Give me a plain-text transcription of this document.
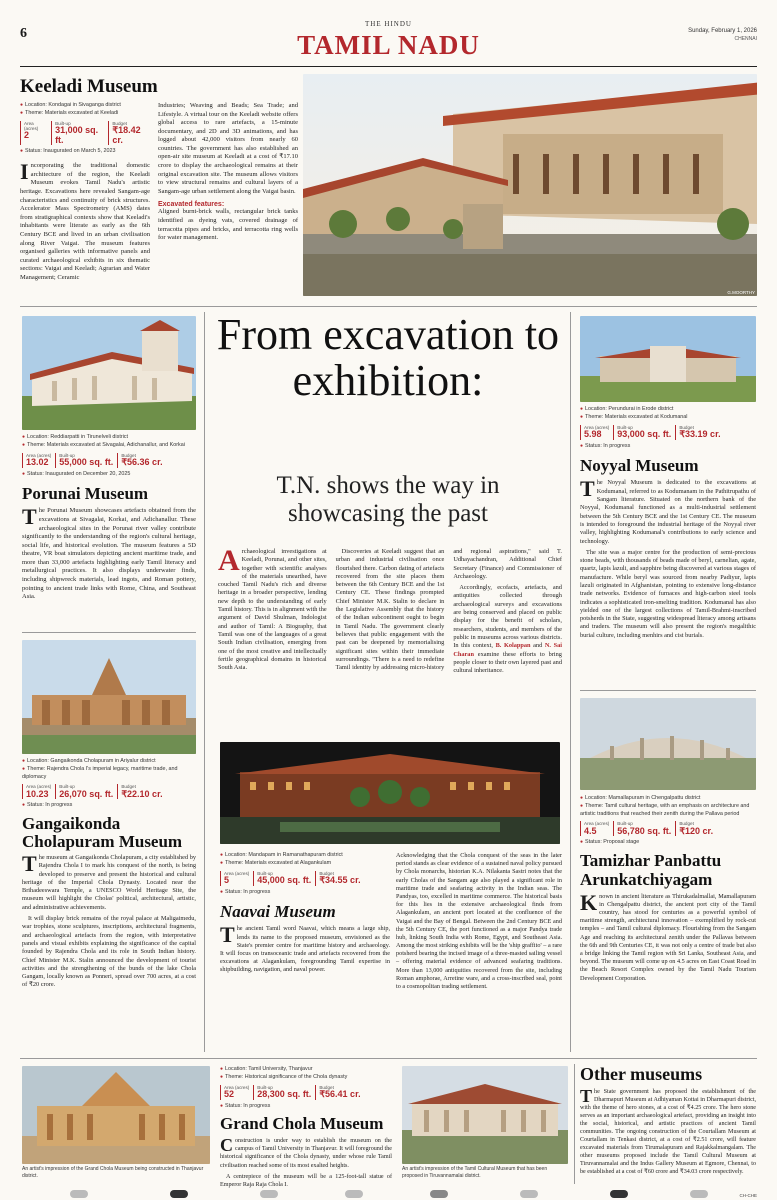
6
THE HINDU
TAMIL NADU	Sunday, February 1, 2026
CHENNAI
Keeladi Museum
● Location: Kondagai in Sivaganga district
● Theme: Materials excavated at Keeladi
Area (acres)
2
Built-up
31,000 sq. ft.
Budget
₹18.42 cr.
● Status: Inaugurated on March 5, 2023
Incorporating the traditional domestic architecture of the region, the Keeladi Museum evokes Tamil Nadu's artistic heritage. Excavations here revealed Sangam-age characteristics and continuity of brick structures. Accelerator Mass Spectrometry (AMS) dates from stratigraphical contexts show that Keeladi's inhabitants were literate as early as the 6th Century BCE and lived in an urban civilisation along River Vaigai. The museum features organised galleries with informative panels and curated archaeological exhibits in six thematic sections: Vaigai and Keeladi; Agrarian and Water Management; Ceramic
Industries; Weaving and Beads; Sea Trade; and Lifestyle. A virtual tour on the Keeladi website offers global access to rare artefacts, a 15-minute documentary, and 2D and 3D animations, and has logged about 42,000 visitors from nearly 60 countries. The government has also established an open-air site museum at Keeladi at a cost of ₹17.10 crore to display the archaeological remains at their original excavation site. The museum allows visitors to view structural remains and cultural layers of a Sangam-age urban settlement along the Vaigai basin.
Excavated features:
Aligned burnt-brick walls, rectangular brick tanks identified as dyeing vats, covered drainage of terracotta pipes and bricks, and terracotta ring wells for water management.
G.MOORTHY
● Location: Reddiarpatti in Tirunelveli district
● Theme: Materials excavated at Sivagalai, Adichanallur, and Korkai
Area (acres)
13.02
Built-up
55,000 sq. ft.
Budget
₹56.36 cr.
● Status: Inaugurated on December 20, 2025
Porunai Museum
The Porunai Museum showcases artefacts obtained from the excavations at Sivagalai, Korkai, and Adichanallur. These archaeological sites in the Porunai river valley contribute significantly to the understanding of the region's cultural heritage, social life, and historical evolution. The museum features a 5D theatre, VR boat simulators depicting ancient maritime trade, and more than 33,000 artefacts highlighting early Tamil literacy and metallurgical practices. It also displays underwater finds, including shipwreck materials, lead ingots, and Roman pottery, pointing to ancient trade links with Rome, China, and Southeast Asia.
● Location: Gangaikonda Cholapuram in Ariyalur district
● Theme: Rajendra Chola I's imperial legacy, maritime trade, and diplomacy
Area (acres)
10.23
Built-up
26,070 sq. ft.
Budget
₹22.10 cr.
● Status: In progress
Gangaikonda Cholapuram Museum

The museum at Gangaikonda Cholapuram, a city established by Rajendra Chola I to mark his conquest of the north, is being developed to preserve and present the historical and cultural heritage of the Imperial Chola Dynasty. Located near the Brihadeeswara Temple, a UNESCO World Heritage Site, the museum will highlight the Cholas' political, architectural, artistic, and administrative achievements.

It will display brick remains of the royal palace at Maligaimedu, war trophies, stone sculptures, inscriptions, architectural fragments, and archaeological artefacts from the region, with interpretative panels and visual exhibits explaining the significance of the capital founded by Rajendra Chola and its role in South Indian history. Chief Minister M.K. Stalin announced the development of tourist activities and the strengthening of the bunds of the lake Chola Gangam, locally known as Ponneri, spread over 700 acres, at a cost of ₹20 crore.

From excavation to exhibition:
T.N. shows the way in showcasing the past

Archaeological investigations at Keeladi, Porunai, and other sites, together with scientific analyses of the materials unearthed, have couched Tamil Nadu's rich and diverse heritage in a broader perspective, lending new depth to the understanding of early Tamil history. This is in alignment with the argument of David Shulman, Indologist and author of Tamil: A Biography, that Tamil was one of the languages of a great South Indian civilisation, emerging from one of the most creative and intellectually fertile geographical domains in historical South Asia.

Discoveries at Keeladi suggest that an urban and industrial civilisation once flourished there. Carbon dating of artefacts recovered from the site places them between the 6th Century BCE and the 1st Century CE. These findings prompted Chief Minister M.K. Stalin to declare in the Legislative Assembly that the history of the Indian subcontinent ought to begin in Tamil Nadu. The government clearly believes that public engagement with the past can be deepened by memorialising significant sites within their immediate surroundings. "There is a need to redefine Tamil identity by addressing micro-history and regional aspirations," said T. Udhayachandran, Additional Chief Secretary (Finance) and Commissioner of Archaeology.

Accordingly, ecofacts, artefacts, and antiquities collected through archaeological surveys and excavations are being conserved and placed on public display for the benefit of scholars, researchers, students, and members of the public in museums across various districts. In this context, B. Kolappan and N. Sai Charan examine these efforts to bring people closer to their own layered past and cultural inheritance.

● Location: Mandapam in Ramanathapuram district
● Theme: Materials excavated at Alagankulam
Area (acres)
5
Built-up
45,000 sq. ft.
Budget
₹34.55 cr.
● Status: In progress
Naavai Museum

The ancient Tamil word Naavai, which means a large ship, lends its name to the proposed museum, envisioned as the State's premier centre for maritime history and archaeology. It will focus on transoceanic trade and artefacts recovered from the excavations at Alagankulam, foregrounding Tamil expertise in shipbuilding, navigation, and naval power.

Acknowledging that the Chola conquest of the seas in the later period stands as clear evidence of a sustained naval policy pursued by Chola monarchs, historian K.A. Nilakanta Sastri notes that the early Cholas of the Sangam age also played a significant role in maritime trade and seafaring activity in the Indian seas. The Pandyas, too, excelled in maritime commerce. The historical basis for this lies in the extensive archaeological finds from Alagankulam, an ancient port located at the confluence of the Vaigai and the Bay of Bengal. Between the 2nd Century BCE and the 5th Century CE, the port functioned as a major Pandya trade hub, linking South India with Rome, Egypt, and Southeast Asia. Among the most striking exhibits will be the 'ship graffito' – a rare potsherd bearing the incised image of a three-masted sailing vessel – offering material evidence of advanced seafaring traditions. More than 13,000 antiquities recovered from the site, including Roman amphorae, Arretine ware, and a cross-inscribed seal, point to a cosmopolitan trading settlement.
● Location: Perundurai in Erode district
● Theme: Materials excavated at Kodumanal
Area (acres)
5.98
Built-up
93,000 sq. ft.
Budget
₹33.19 cr.
● Status: In progress
Noyyal Museum

The Noyyal Museum is dedicated to the excavations at Kodumanal, referred to as Kodumanam in the Pathitrupathu of Sangam literature. Situated on the northern bank of the Noyyal, Kodumanal functioned as a multi-industrial settlement between the 5th Century BCE and the 1st Century CE. The museum is intended to foreground the industrial heritage of the Noyyal river valley, highlighting Kodumanal's contributions to early science and technology.

The site was a major centre for the production of semi-precious stone beads, with thousands of beads made of beryl, carnelian, agate, quartz, lapis lazuli, and sapphire being discovered at various stages of manufacture. While beryl was sourced from nearby Padiyur, lapis lazuli originated in Afghanistan, pointing to extensive long-distance trade networks. Evidence of furnaces and high-carbon steel tools indicates a sophisticated iron-smelting tradition. Kodumanal has also yielded one of the largest collections of Tamil-Brahmi-inscribed potsherds in the State, suggesting widespread literacy among artisans and traders. The museum will also present the region's megalithic burial culture, including menhirs and cist burials.

● Location: Mamallapuram in Chengalpattu district
● Theme: Tamil cultural heritage, with an emphasis on architecture and artistic traditions that reached their zenith during the Pallava period
Area (acres)
4.5
Built-up
56,780 sq. ft.
Budget
₹120 cr.
● Status: Proposal stage
Tamizhar Panbattu Arunkatchiyagam
Known in ancient literature as Thirukadalmallai, Mamallapuram in Chengalpattu district, the ancient port city of the Tamil country, has stood for centuries as a powerful symbol of maritime strength, architectural innovation – exemplified by rock-cut temples – and Tamil cultural diplomacy. Flourishing from the Sangam Age and reaching its architectural zenith under the Pallavas between the 6th and 9th Centuries CE, it was not only a centre of trade but also a bridge linking the Tamil region with Sri Lanka, Southeast Asia, and beyond. The museum will come up on 4.5 acres on East Coast Road in the Beach Resort Complex owned by the Tamil Nadu Tourism Development Corporation.
An artist's impression of the Grand Chola Museum being constructed in Thanjavur district.
● Location: Tamil University, Thanjavur
● Theme: Historical significance of the Chola dynasty
Area (acres)
52
Built-up
28,300 sq. ft.
Budget
₹56.41 cr.
● Status: In progress
Grand Chola Museum

Construction is under way to establish the museum on the campus of Tamil University in Thanjavur. It will foreground the historical significance of the Chola dynasty, under whose rule Tamil civilisation reached some of its most exalted heights.

A centrepiece of the museum will be a 125-foot-tall statue of Emperor Raja Raja Chola I.

An artist's impression of the Tamil Cultural Museum that has been proposed in Tiruvannamalai district.
Other museums
The State government has proposed the establishment of the Dharmapuri Museum at Adhiyaman Kottai in Dharmapuri district, with the theme of hero stones, at a cost of ₹4.25 crore. The hero stone serves as an important archaeological artefact, providing an insight into the social, historical, and artistic practices of ancient Tamil communities. The ongoing construction of the Courtallam Museum at Courtallam in Tenkasi district, at a cost of ₹2.51 crore, will feature excavated materials from Tirumalapuram and Rajakkalmangalam. The other museums proposed include the Tamil Cultural Museum at Tiruvannamalai and the Indus Gallery Museum at Egmore, Chennai, to be established at a cost of ₹60 crore and ₹34.03 crore respectively.
CH-CHE
